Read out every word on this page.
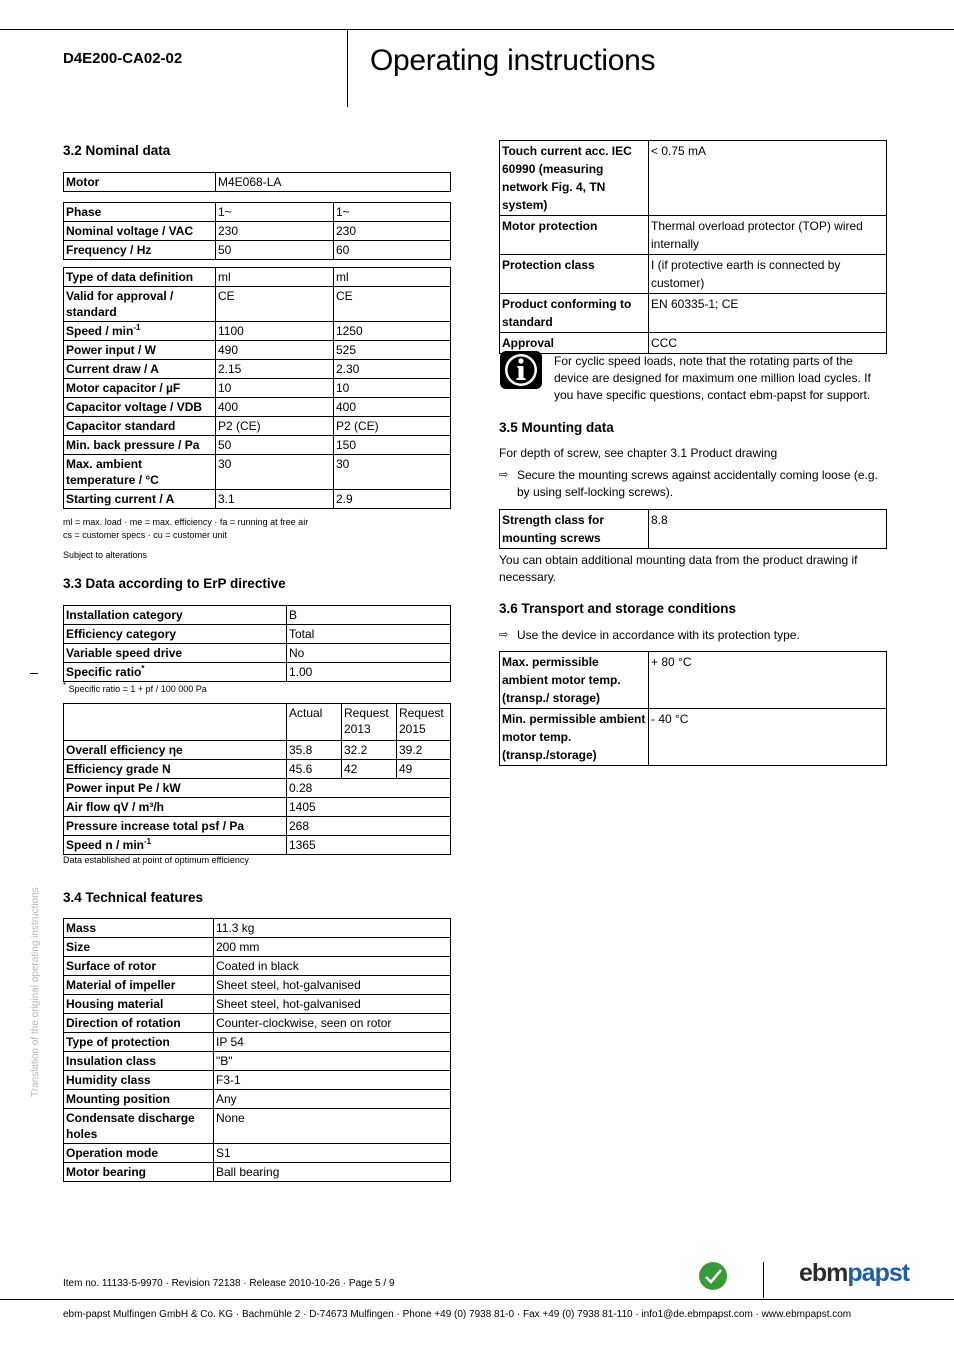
D4E200-CA02-02	Operating instructions
Translation of the original operating instructions
3.2 Nominal data
Motor	M4E068-LA
Phase	1~	1~
Nominal voltage / VAC	230	230
Frequency / Hz	50	60
Type of data definition	ml	ml
Valid for approval / standard	CE	CE
Speed / $\min^{-1}$	1100	1250
Power input / W	490	525
Current draw / A	2.15	2.30
Motor capacitor / µF	10	10
Capacitor voltage / VDB	400	400
Capacitor standard	P2 (CE)	P2 (CE)
Min. back pressure / Pa	50	150
Max. ambient temperature / °C	30	30
Starting current / A	3.1	2.9
ml = max. load · me = max. efficiency · fa = running at free air
cs = customer specs · cu = customer unit
Subject to alterations
3.3 Data according to ErP directive
Installation category	B
Efficiency category	Total
Variable speed drive	No
Specific ratio*	1.00
* Specific ratio = 1 + pf / 100 000 Pa
	Actual	Request 2013	Request 2015
Overall efficiency ηe	35.8	32.2	39.2
Efficiency grade N	45.6	42	49
Power input Pe / kW	0.28		
Air flow qV / m³/h	1405		
Pressure increase total psf / Pa	268		
Speed n / $\min^{-1}$	1365		
Data established at point of optimum efficiency
3.4 Technical features
Mass	11.3 kg
Size	200 mm
Surface of rotor	Coated in black
Material of impeller	Sheet steel, hot-galvanised
Housing material	Sheet steel, hot-galvanised
Direction of rotation	Counter-clockwise, seen on rotor
Type of protection	IP 54
Insulation class	"B"
Humidity class	F3-1
Mounting position	Any
Condensate discharge holes	None
Operation mode	S1
Motor bearing	Ball bearing
Touch current acc. IEC 60990 (measuring network Fig. 4, TN system)	< 0.75 mA
Motor protection	Thermal overload protector (TOP) wired internally
Protection class	I (if protective earth is connected by customer)
Product conforming to standard	EN 60335-1; CE
Approval	CCC
For cyclic speed loads, note that the rotating parts of the device are designed for maximum one million load cycles. If you have specific questions, contact ebm-papst for support.
3.5 Mounting data
For depth of screw, see chapter 3.1 Product drawing
⇨ Secure the mounting screws against accidentally coming loose (e.g. by using self-locking screws).
Strength class for mounting screws	8.8
You can obtain additional mounting data from the product drawing if necessary.
3.6 Transport and storage conditions
⇨ Use the device in accordance with its protection type.
Max. permissible ambient motor temp. (transp./ storage)	+ 80 °C
Min. permissible ambient motor temp. (transp./storage)	- 40 °C
Item no. 11133-5-9970 · Revision 72138 · Release 2010-10-26 · Page 5 / 9	ebmpapst
ebm-papst Mulfingen GmbH & Co. KG · Bachmühle 2 · D-74673 Mulfingen · Phone +49 (0) 7938 81-0 · Fax +49 (0) 7938 81-110 · info1@de.ebmpapst.com · www.ebmpapst.com
